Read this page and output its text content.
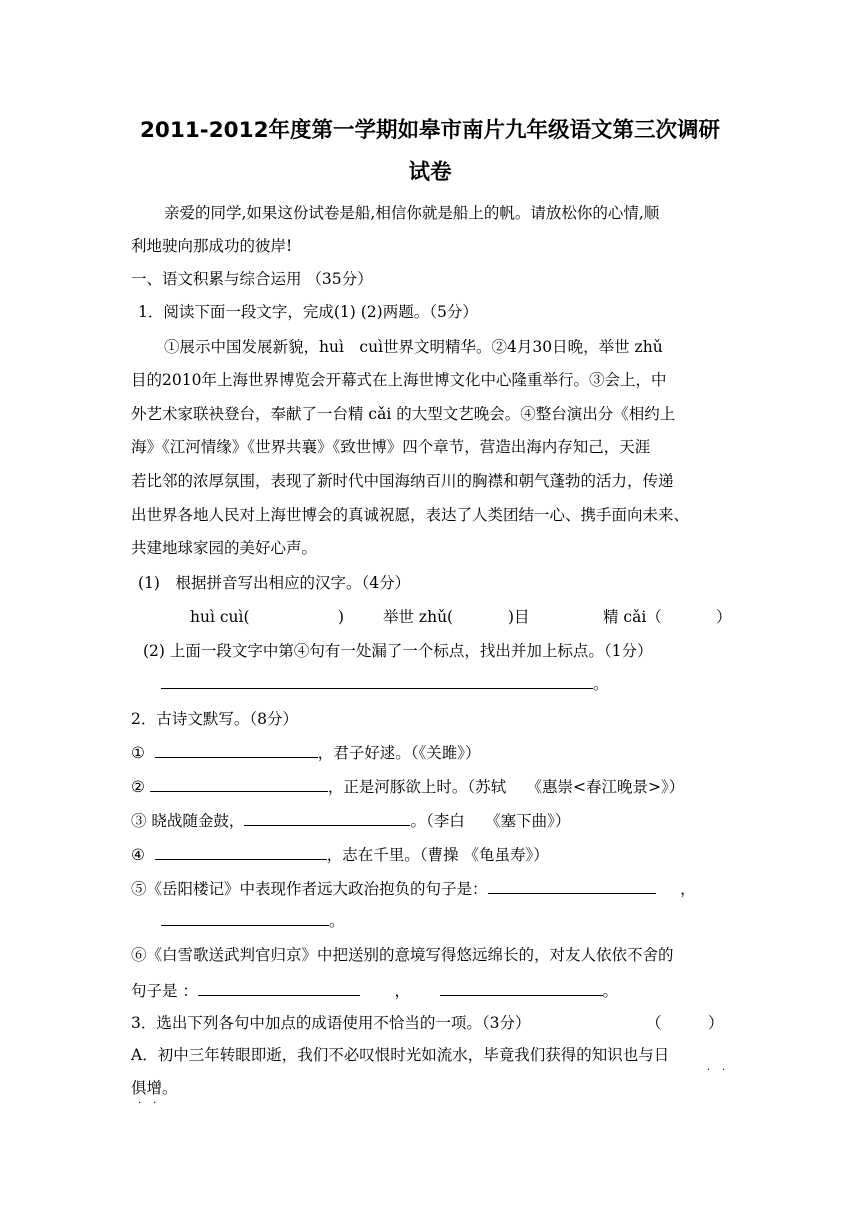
2011-2012年度第一学期如皋市南片九年级语文第三次调研
试卷
亲爱的同学,如果这份试卷是船,相信你就是船上的帆。请放松你的心情,顺
利地驶向那成功的彼岸!
一、语文积累与综合运用 （35分）
1．阅读下面一段文字，完成(1) (2)两题。（5分）
①展示中国发展新貌，huì　cuì世界文明精华。②4月30日晚，举世 zhǔ
目的2010年上海世界博览会开幕式在上海世博文化中心隆重举行。③会上，中
外艺术家联袂登台，奉献了一台精 cǎi 的大型文艺晚会。④整台演出分《相约上
海》《江河情缘》《世界共襄》《致世博》四个章节，营造出海内存知己，天涯
若比邻的浓厚氛围，表现了新时代中国海纳百川的胸襟和朝气蓬勃的活力，传递
出世界各地人民对上海世博会的真诚祝愿，表达了人类团结一心、携手面向未来、
共建地球家园的美好心声。
(1)　根据拼音写出相应的汉字。（4分）
huì cuì(	)	举世 zhǔ(	)目	精 cǎi（	）
(2) 上面一段文字中第④句有一处漏了一个标点，找出并加上标点。（1分）
。
2．古诗文默写。（8分）
①	，君子好逑。（《关雎》）
②	，正是河豚欲上时。（苏轼　 《惠崇<春江晚景>》）
③ 晓战随金鼓，	。（李白　 《塞下曲》）
④	，志在千里。（曹操 《龟虽寿》）
⑤《岳阳楼记》中表现作者远大政治抱负的句子是：	，
。
⑥《白雪歌送武判官归京》中把送别的意境写得悠远绵长的，对友人依依不舍的
句子是 ：	，	。
3．选出下列各句中加点的成语使用不恰当的一项。（3分）	（　　　）
A．初中三年转眼即逝，我们不必叹恨时光如流水，毕竟我们获得的知识也与日
俱增。
· ·
· ·
